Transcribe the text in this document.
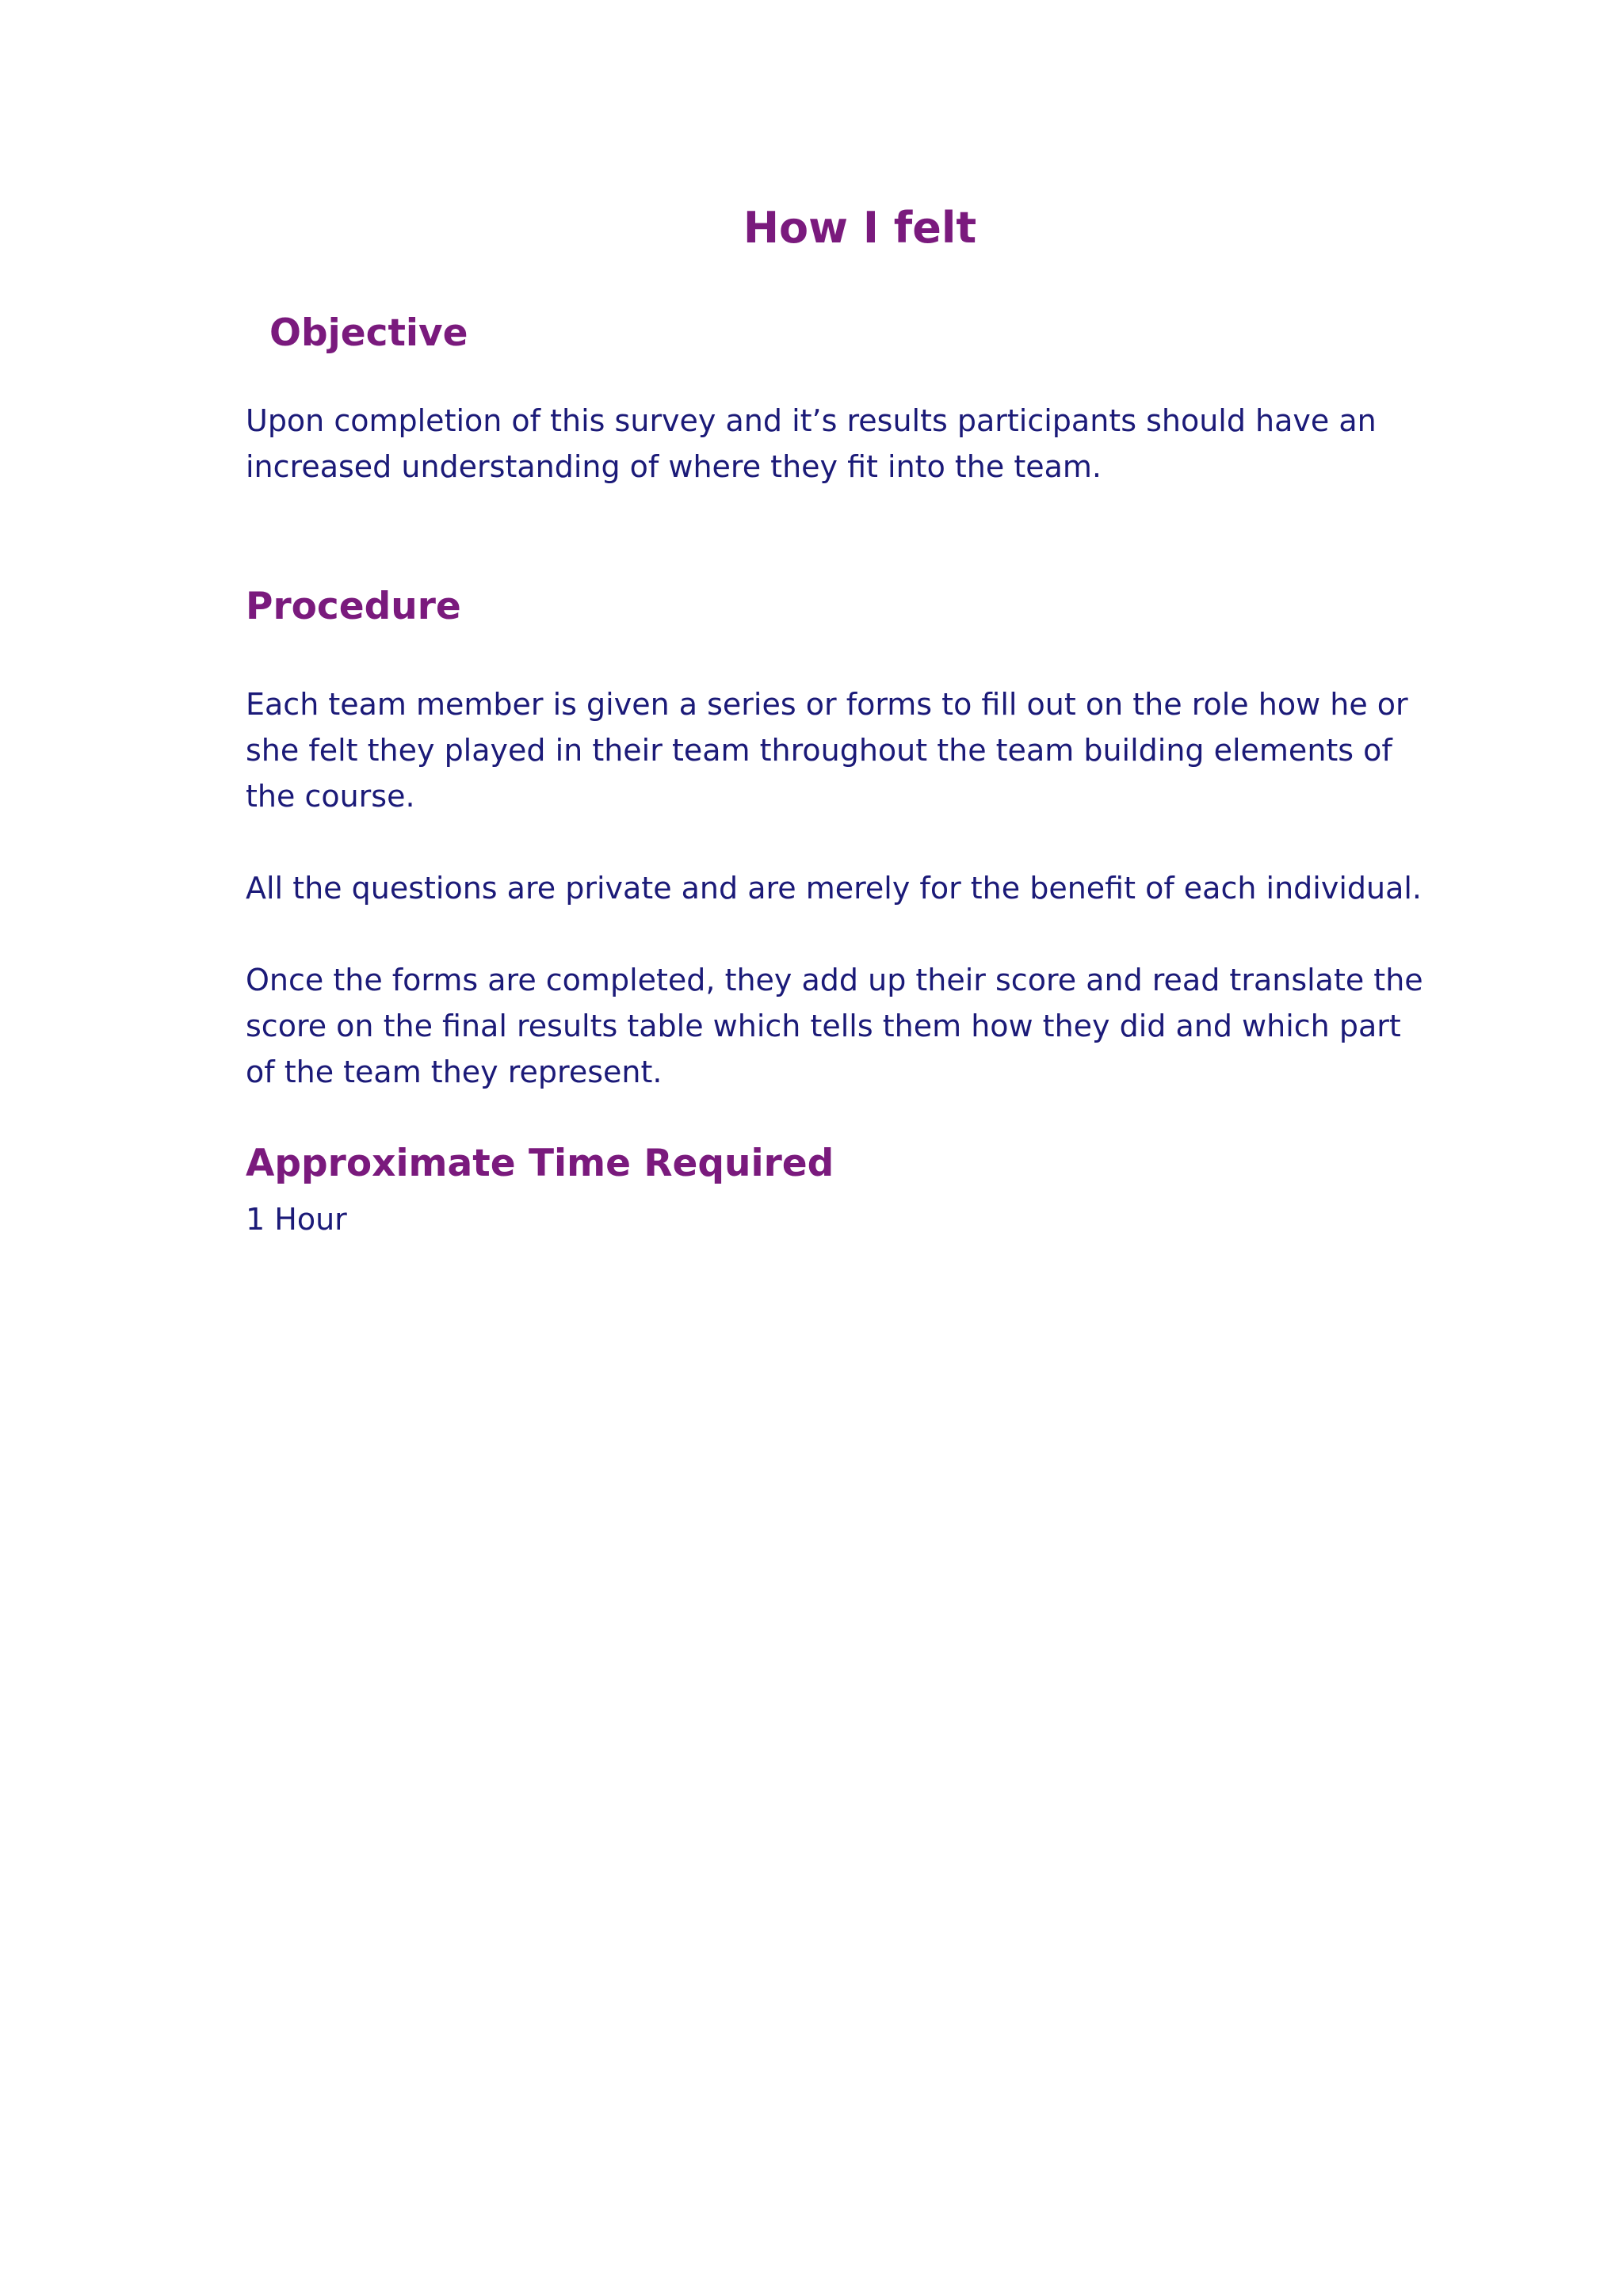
How I felt
Objective

Upon completion of this survey and it’s results participants should have an
increased understanding of where they fit into the team.

Procedure

Each team member is given a series or forms to fill out on the role how he or
she felt they played in their team throughout the team building elements of
the course.

All the questions are private and are merely for the benefit of each individual.

Once the forms are completed, they add up their score and read translate the
score on the final results table which tells them how they did and which part
of the team they represent.

Approximate Time Required

1 Hour
